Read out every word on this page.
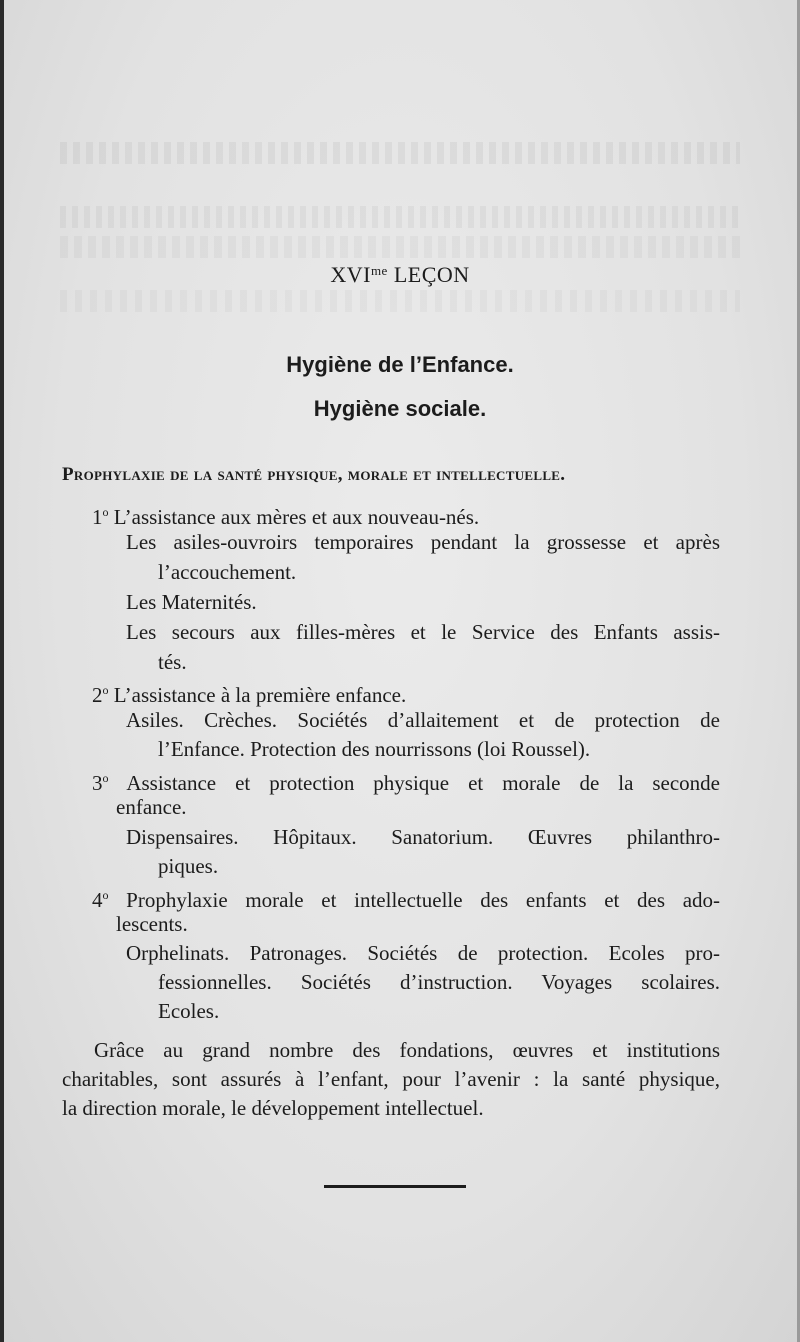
$XVI^{me}$ LEÇON
Hygiène de l’Enfance.
Hygiène sociale.
Prophylaxie de la santé physique, morale et intellectuelle.
1$^o$ L’assistance aux mères et aux nouveau-nés.
Les asiles-ouvroirs temporaires pendant la grossesse et après
l’accouchement.
Les Maternités.
Les secours aux filles-mères et le Service des Enfants assis-
tés.
2$^o$ L’assistance à la première enfance.
Asiles. Crèches. Sociétés d’allaitement et de protection de
l’Enfance. Protection des nourrissons (loi Roussel).
3$^o$ Assistance et protection physique et morale de la seconde
enfance.
Dispensaires. Hôpitaux. Sanatorium. Œuvres philanthro-
piques.
4$^o$ Prophylaxie morale et intellectuelle des enfants et des ado-
lescents.
Orphelinats. Patronages. Sociétés de protection. Ecoles pro-
fessionnelles. Sociétés d’instruction. Voyages scolaires.
Ecoles.
Grâce au grand nombre des fondations, œuvres et institutions
charitables, sont assurés à l’enfant, pour l’avenir : la santé physique,
la direction morale, le développement intellectuel.
